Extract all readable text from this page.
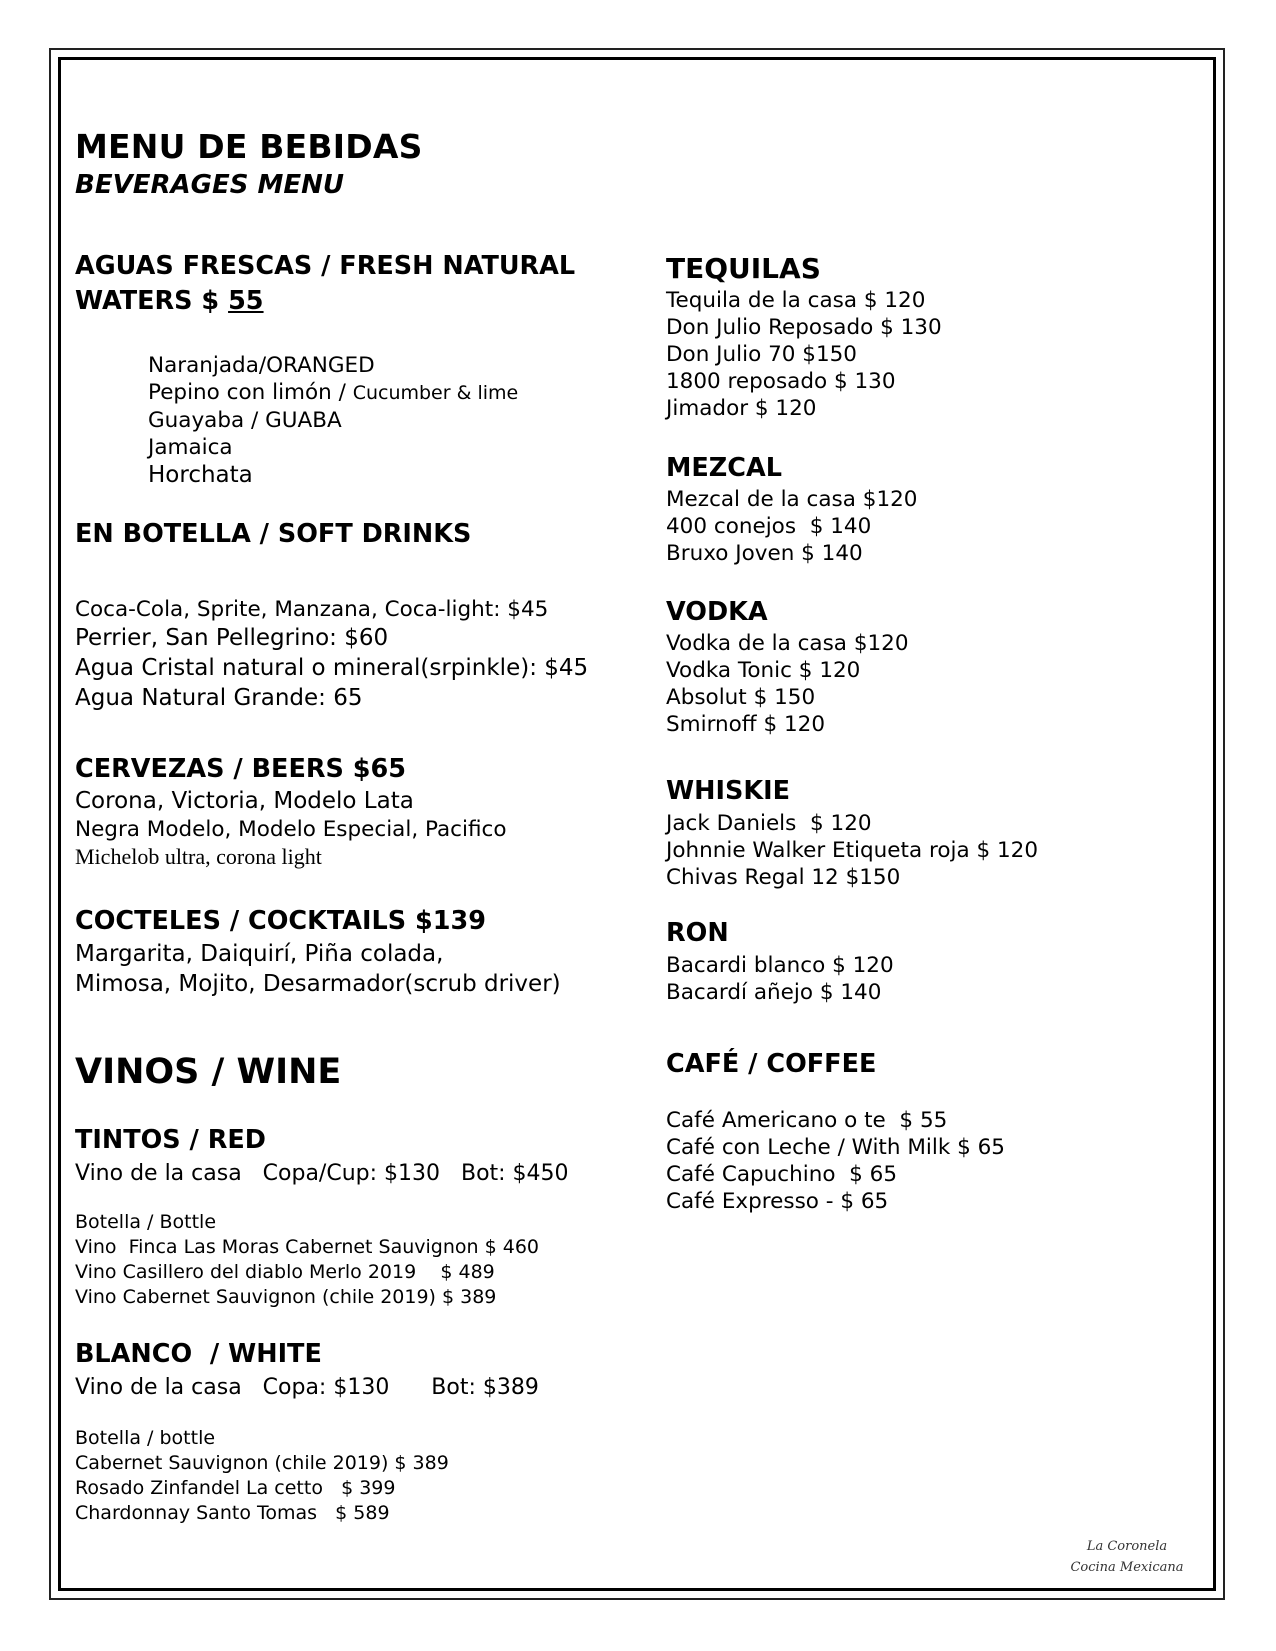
MENU DE BEBIDAS
BEVERAGES MENU
AGUAS FRESCAS / FRESH NATURAL
WATERS $ 55
Naranjada/ORANGED
Pepino con limón / Cucumber & lime
Guayaba / GUABA
Jamaica
Horchata
EN BOTELLA / SOFT DRINKS
Coca-Cola, Sprite, Manzana, Coca-light: $45
Perrier, San Pellegrino: $60
Agua Cristal natural o mineral(srpinkle): $45
Agua Natural Grande: 65
CERVEZAS / BEERS $65
Corona, Victoria, Modelo Lata
Negra Modelo, Modelo Especial, Pacifico
Michelob ultra, corona light
COCTELES / COCKTAILS $139
Margarita, Daiquirí, Piña colada,
Mimosa, Mojito, Desarmador(scrub driver)
VINOS / WINE
TINTOS / RED
Vino de la casa   Copa/Cup: $130   Bot: $450
Botella / Bottle
Vino  Finca Las Moras Cabernet Sauvignon $ 460
Vino Casillero del diablo Merlo 2019    $ 489
Vino Cabernet Sauvignon (chile 2019) $ 389
BLANCO  / WHITE
Vino de la casa   Copa: $130      Bot: $389
Botella / bottle
Cabernet Sauvignon (chile 2019) $ 389
Rosado Zinfandel La cetto   $ 399
Chardonnay Santo Tomas   $ 589
TEQUILAS
Tequila de la casa $ 120
Don Julio Reposado $ 130
Don Julio 70 $150
1800 reposado $ 130
Jimador $ 120
MEZCAL
Mezcal de la casa $120
400 conejos  $ 140
Bruxo Joven $ 140
VODKA
Vodka de la casa $120
Vodka Tonic $ 120
Absolut $ 150
Smirnoff $ 120
WHISKIE
Jack Daniels  $ 120
Johnnie Walker Etiqueta roja $ 120
Chivas Regal 12 $150
RON
Bacardi blanco $ 120
Bacardí añejo $ 140
CAFÉ / COFFEE
Café Americano o te  $ 55
Café con Leche / With Milk $ 65
Café Capuchino  $ 65
Café Expresso - $ 65
La Coronela
Cocina Mexicana
